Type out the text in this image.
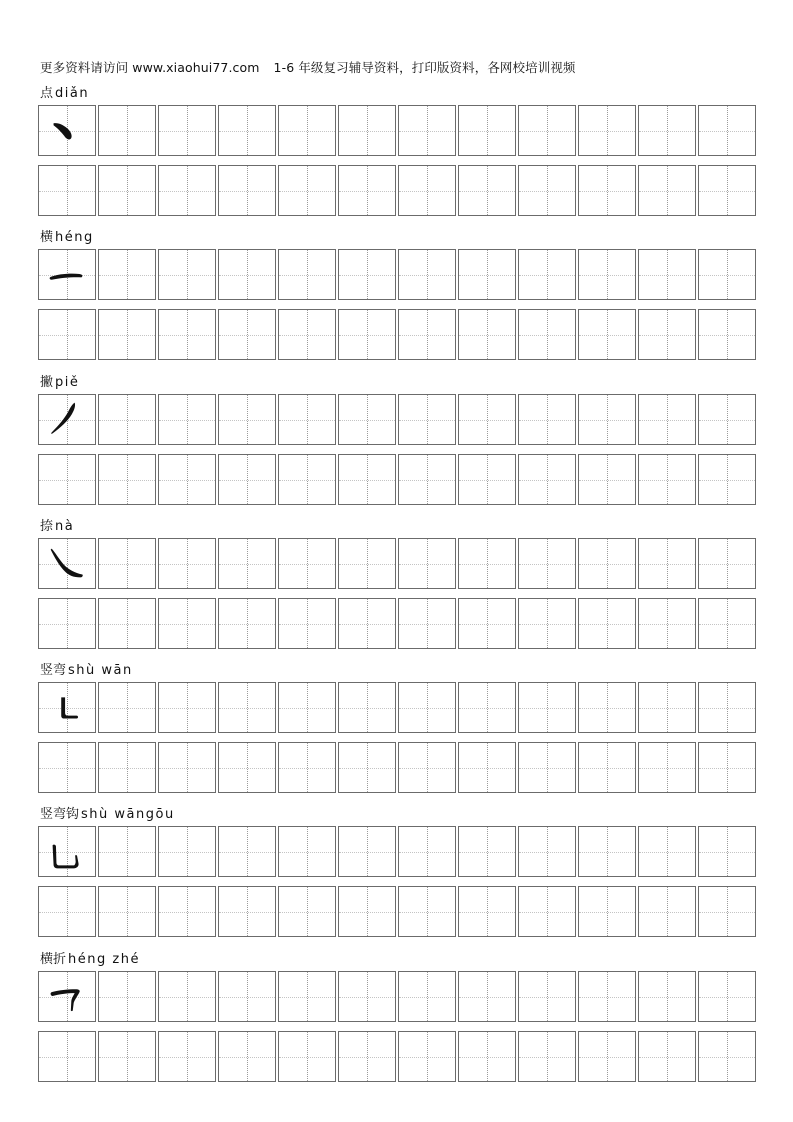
更多资料请访问 www.xiaohui77.com 1-6 年级复习辅导资料，打印版资料，各网校培训视频
点 diǎn
横 héng
撇 piě
捺 nà
竖弯 shù wān
竖弯钩 shù wāngōu
横折 héng zhé
